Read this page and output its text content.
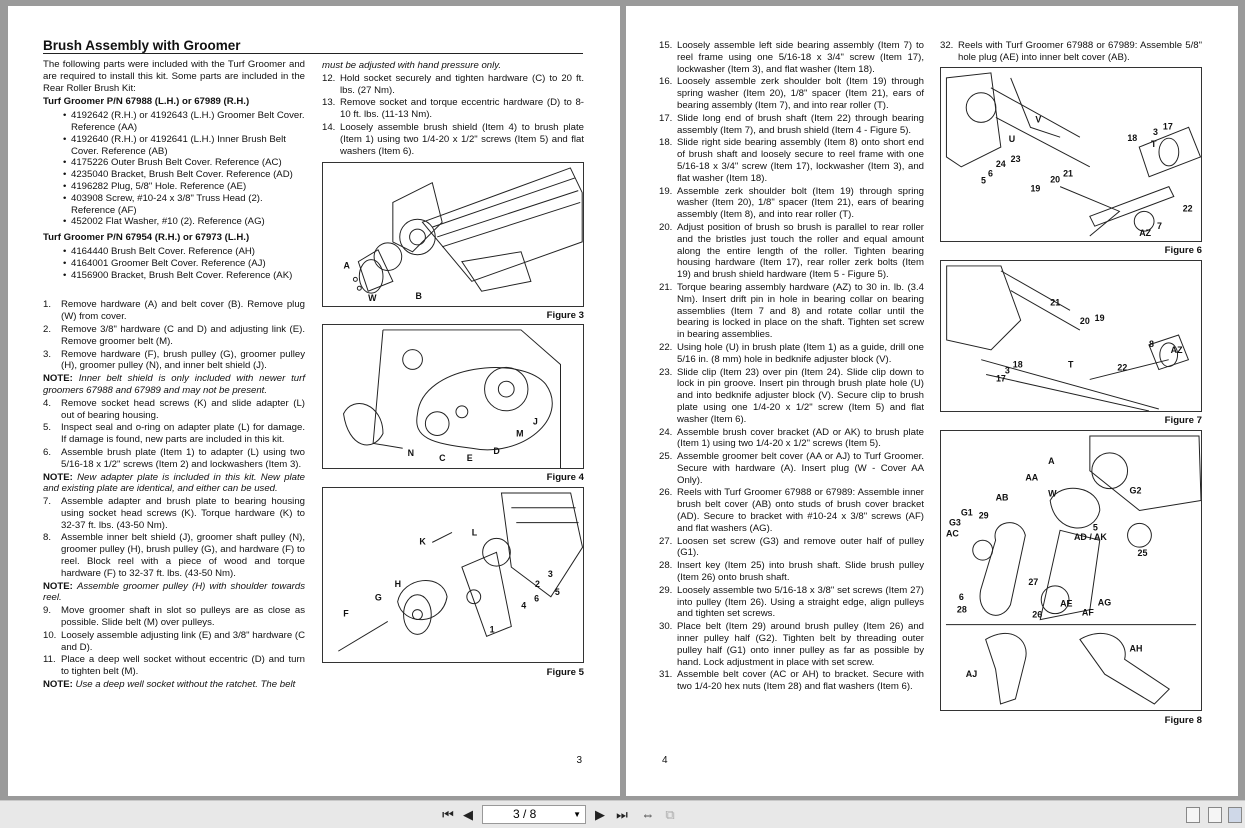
Brush Assembly with Groomer

The following parts were included with the Turf Groomer and are required to install this kit. Some parts are included in the Rear Roller Brush Kit:

Turf Groomer P/N 67988 (L.H.) or 67989 (R.H.)
• 4192642 (R.H.) or 4192643 (L.H.) Groomer Belt Cover. Reference (AA)
• 4192640 (R.H.) or 4192641 (L.H.) Inner Brush Belt Cover. Reference (AB)
• 4175226 Outer Brush Belt Cover. Reference (AC)
• 4235040 Bracket, Brush Belt Cover. Reference (AD)
• 4196282 Plug, 5/8" Hole. Reference (AE)
• 403908 Screw, #10-24 x 3/8" Truss Head (2). Reference (AF)
• 452002 Flat Washer, #10 (2). Reference (AG)
Turf Groomer P/N 67954 (R.H.) or 67973 (L.H.)
• 4164440 Brush Belt Cover. Reference (AH)
• 4164001 Groomer Belt Cover. Reference (AJ)
• 4156900 Bracket, Brush Belt Cover. Reference (AK)
1.	Remove hardware (A) and belt cover (B). Remove plug (W) from cover.
2.	Remove 3/8" hardware (C and D) and adjusting link (E). Remove groomer belt (M).
3.	Remove hardware (F), brush pulley (G), groomer pulley (H), groomer pulley (N), and inner belt shield (J).

NOTE: Inner belt shield is only included with newer turf groomers 67988 and 67989 and may not be present.

4.	Remove socket head screws (K) and slide adapter (L) out of bearing housing.
5.	Inspect seal and o-ring on adapter plate (L) for damage. If damage is found, new parts are included in this kit.
6.	Assemble brush plate (Item 1) to adapter (L) using two 5/16-18 x 1/2" screws (Item 2) and lockwashers (Item 3).

NOTE: New adapter plate is included in this kit. New plate and existing plate are identical, and either can be used.

7.	Assemble adapter and brush plate to bearing housing using socket head screws (K). Torque hardware (K) to 32-37 ft. lbs. (43-50 Nm).
8.	Assemble inner belt shield (J), groomer shaft pulley (N), groomer pulley (H), brush pulley (G), and hardware (F) to reel. Block reel with a piece of wood and torque hardware (F) to 32-37 ft. lbs. (43-50 Nm).

NOTE: Assemble groomer pulley (H) with shoulder towards reel.

9.	Move groomer shaft in slot so pulleys are as close as possible. Slide belt (M) over pulleys.
10. Loosely assemble adjusting link (E) and 3/8" hardware (C and D).
11. Place a deep well socket without eccentric (D) and turn to tighten belt (M).

NOTE: Use a deep well socket without the ratchet. The belt

must be adjusted with hand pressure only.

12. Hold socket securely and tighten hardware (C) to 20 ft. lbs. (27 Nm).
13. Remove socket and torque eccentric hardware (D) to 8-10 ft. lbs. (11-13 Nm).
14. Loosely assemble brush shield (Item 4) to brush plate (Item 1) using two 1/4-20 x 1/2" screws (Item 5) and flat washers (Item 6).
A
W	B
Figure 3
N	C E
D
M
J
Figure 4
K
L
H
G
F
2
3
4
6
5
1
Figure 5
3
15. Loosely assemble left side bearing assembly (Item 7) to reel frame using one 5/16-18 x 3/4" screw (Item 17), lockwasher (Item 3), and flat washer (Item 18).
16. Loosely assemble zerk shoulder bolt (Item 19) through spring washer (Item 20), 1/8" spacer (Item 21), ears of bearing assembly (Item 7), and into rear roller (T).
17. Slide long end of brush shaft (Item 22) through bearing assembly (Item 7), and brush shield (Item 4 - Figure 5).
18. Slide right side bearing assembly (Item 8) onto short end of brush shaft and loosely secure to reel frame with one 5/16-18 x 3/4" screw (Item 17), lockwasher (Item 3), and flat washer (Item 18).
19. Assemble zerk shoulder bolt (Item 19) through spring washer (Item 20), 1/8" spacer (Item 21), ears of bearing assembly (Item 8), and into rear roller (T).
20. Adjust position of brush so brush is parallel to rear roller and the bristles just touch the roller and equal amount along the entire length of the roller. Tighten bearing housing hardware (Item 17), rear roller zerk bolts (Item 19) and brush shield hardware (Item 5 - Figure 5).
21. Torque bearing assembly hardware (AZ) to 30 in. lb. (3.4 Nm). Insert drift pin in hole in bearing collar on bearing assemblies (Item 7 and 8) and rotate collar until the bearing is locked in place on the shaft. Tighten set screw in bearing assemblies.
22. Using hole (U) in brush plate (Item 1) as a guide, drill one 5/16 in. (8 mm) hole in bedknife adjuster block (V).
23. Slide clip (Item 23) over pin (Item 24). Slide clip down to lock in pin groove. Insert pin through brush plate hole (U) and into bedknife adjuster block (V). Secure clip to brush plate using one 1/4-20 x 1/2" screw (Item 5) and flat washer (Item 6).
24. Assemble brush cover bracket (AD or AK) to brush plate (Item 1) using two 1/4-20 x 1/2" screws (Item 5).
25. Assemble groomer belt cover (AA or AJ) to Turf Groomer. Secure with hardware (A). Insert plug (W - Cover AA Only).
26. Reels with Turf Groomer 67988 or 67989: Assemble inner brush belt cover (AB) onto studs of brush cover bracket (AD). Secure to bracket with #10-24 x 3/8" screws (AF) and flat washers (AG).
27. Loosen set screw (G3) and remove outer half of pulley (G1).
28. Insert key (Item 25) into brush shaft. Slide brush pulley (Item 26) onto brush shaft.
29. Loosely assemble two 5/16-18 x 3/8" set screws (Item 27) into pulley (Item 26). Using a straight edge, align pulleys and tighten set screws.
30. Place belt (Item 29) around brush pulley (Item 26) and inner pulley half (G2). Tighten belt by threading outer pulley half (G1) onto inner pulley as far as possible by hand. Lock adjustment in place with set screw.
31. Assemble belt cover (AC or AH) to bracket. Secure with two 1/4-20 hex nuts (Item 28) and flat washers (Item 6).
32. Reels with Turf Groomer 67988 or 67989: Assemble 5/8" hole plug (AE) into inner belt cover (AB).
V
U
17
3
18
T
23
24
6
5
19
20
21
22
7
AZ
Figure 6
21
20 19
8
AZ
22
T
18
3
17
Figure 7
A
AA
W
AB
G2
G1 29
G3
AC
5
AD / AK
25
27
6
28
AE	AG
AF
26
AH
AJ
Figure 8
4
⏮ ◀	3 / 8	▼ ▶ ⏭ ⇔ ⧉
